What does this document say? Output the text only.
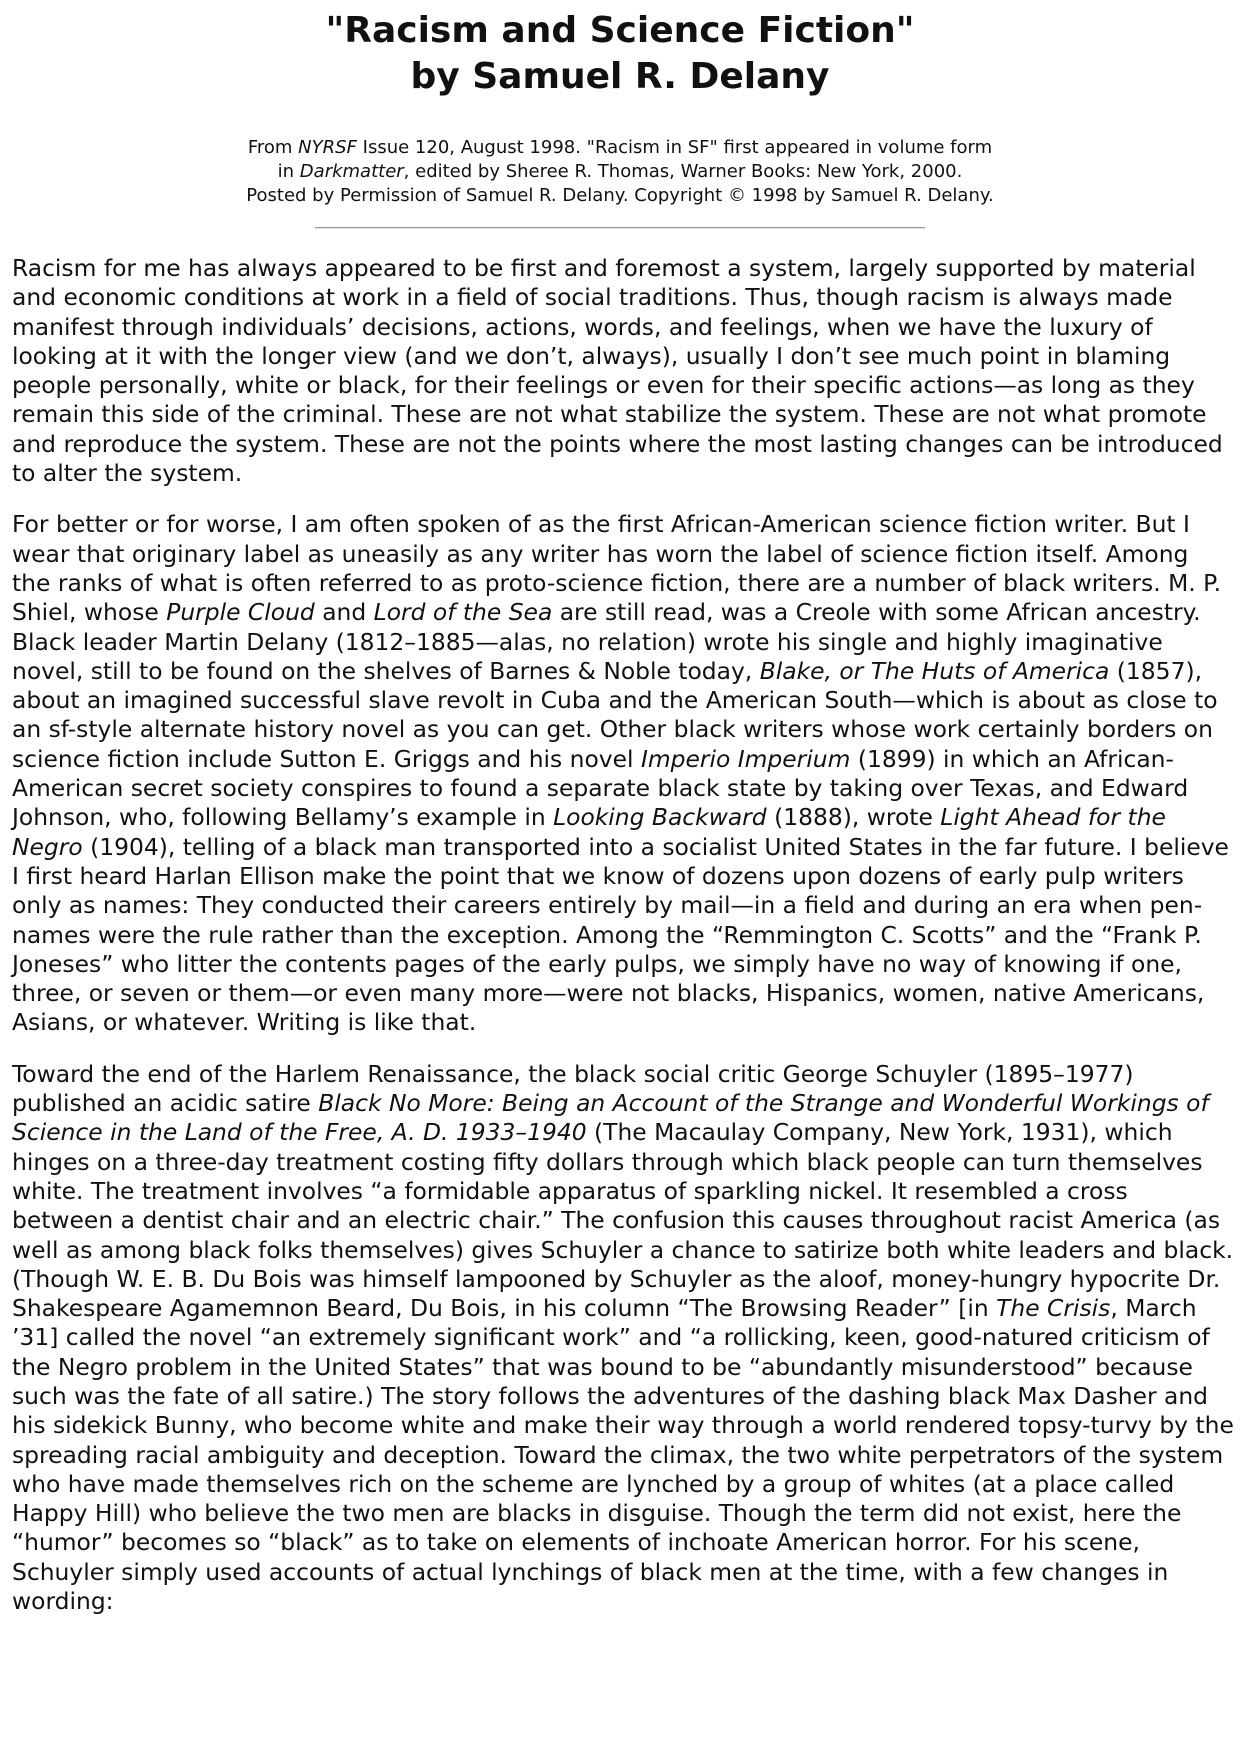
"Racism and Science Fiction"
by Samuel R. Delany
From NYRSF Issue 120, August 1998. "Racism in SF" first appeared in volume form
in Darkmatter, edited by Sheree R. Thomas, Warner Books: New York, 2000.
Posted by Permission of Samuel R. Delany. Copyright © 1998 by Samuel R. Delany.

Racism for me has always appeared to be first and foremost a system, largely supported by material and economic conditions at work in a field of social traditions. Thus, though racism is always made manifest through individuals’ decisions, actions, words, and feelings, when we have the luxury of looking at it with the longer view (and we don’t, always), usually I don’t see much point in blaming people personally, white or black, for their feelings or even for their specific actions—as long as they remain this side of the criminal. These are not what stabilize the system. These are not what promote and reproduce the system. These are not the points where the most lasting changes can be introduced to alter the system.

For better or for worse, I am often spoken of as the first African-American science fiction writer. But I wear that originary label as uneasily as any writer has worn the label of science fiction itself. Among the ranks of what is often referred to as proto-science fiction, there are a number of black writers. M. P. Shiel, whose Purple Cloud and Lord of the Sea are still read, was a Creole with some African ancestry. Black leader Martin Delany (1812–1885—alas, no relation) wrote his single and highly imaginative novel, still to be found on the shelves of Barnes & Noble today, Blake, or The Huts of America (1857), about an imagined successful slave revolt in Cuba and the American South—which is about as close to an sf-style alternate history novel as you can get. Other black writers whose work certainly borders on science fiction include Sutton E. Griggs and his novel Imperio Imperium (1899) in which an African-American secret society conspires to found a separate black state by taking over Texas, and Edward Johnson, who, following Bellamy’s example in Looking Backward (1888), wrote Light Ahead for the Negro (1904), telling of a black man transported into a socialist United States in the far future. I believe I first heard Harlan Ellison make the point that we know of dozens upon dozens of early pulp writers only as names: They conducted their careers entirely by mail—in a field and during an era when pen-names were the rule rather than the exception. Among the “Remmington C. Scotts” and the “Frank P. Joneses” who litter the contents pages of the early pulps, we simply have no way of knowing if one, three, or seven or them—or even many more—were not blacks, Hispanics, women, native Americans, Asians, or whatever. Writing is like that.

Toward the end of the Harlem Renaissance, the black social critic George Schuyler (1895–1977) published an acidic satire Black No More: Being an Account of the Strange and Wonderful Workings of Science in the Land of the Free, A. D. 1933–1940 (The Macaulay Company, New York, 1931), which hinges on a three-day treatment costing fifty dollars through which black people can turn themselves white. The treatment involves “a formidable apparatus of sparkling nickel. It resembled a cross between a dentist chair and an electric chair.” The confusion this causes throughout racist America (as well as among black folks themselves) gives Schuyler a chance to satirize both white leaders and black. (Though W. E. B. Du Bois was himself lampooned by Schuyler as the aloof, money-hungry hypocrite Dr. Shakespeare Agamemnon Beard, Du Bois, in his column “The Browsing Reader” [in The Crisis, March ’31] called the novel “an extremely significant work” and “a rollicking, keen, good-natured criticism of the Negro problem in the United States” that was bound to be “abundantly misunderstood” because such was the fate of all satire.) The story follows the adventures of the dashing black Max Dasher and his sidekick Bunny, who become white and make their way through a world rendered topsy-turvy by the spreading racial ambiguity and deception. Toward the climax, the two white perpetrators of the system who have made themselves rich on the scheme are lynched by a group of whites (at a place called Happy Hill) who believe the two men are blacks in disguise. Though the term did not exist, here the “humor” becomes so “black” as to take on elements of inchoate American horror. For his scene, Schuyler simply used accounts of actual lynchings of black men at the time, with a few changes in wording:
